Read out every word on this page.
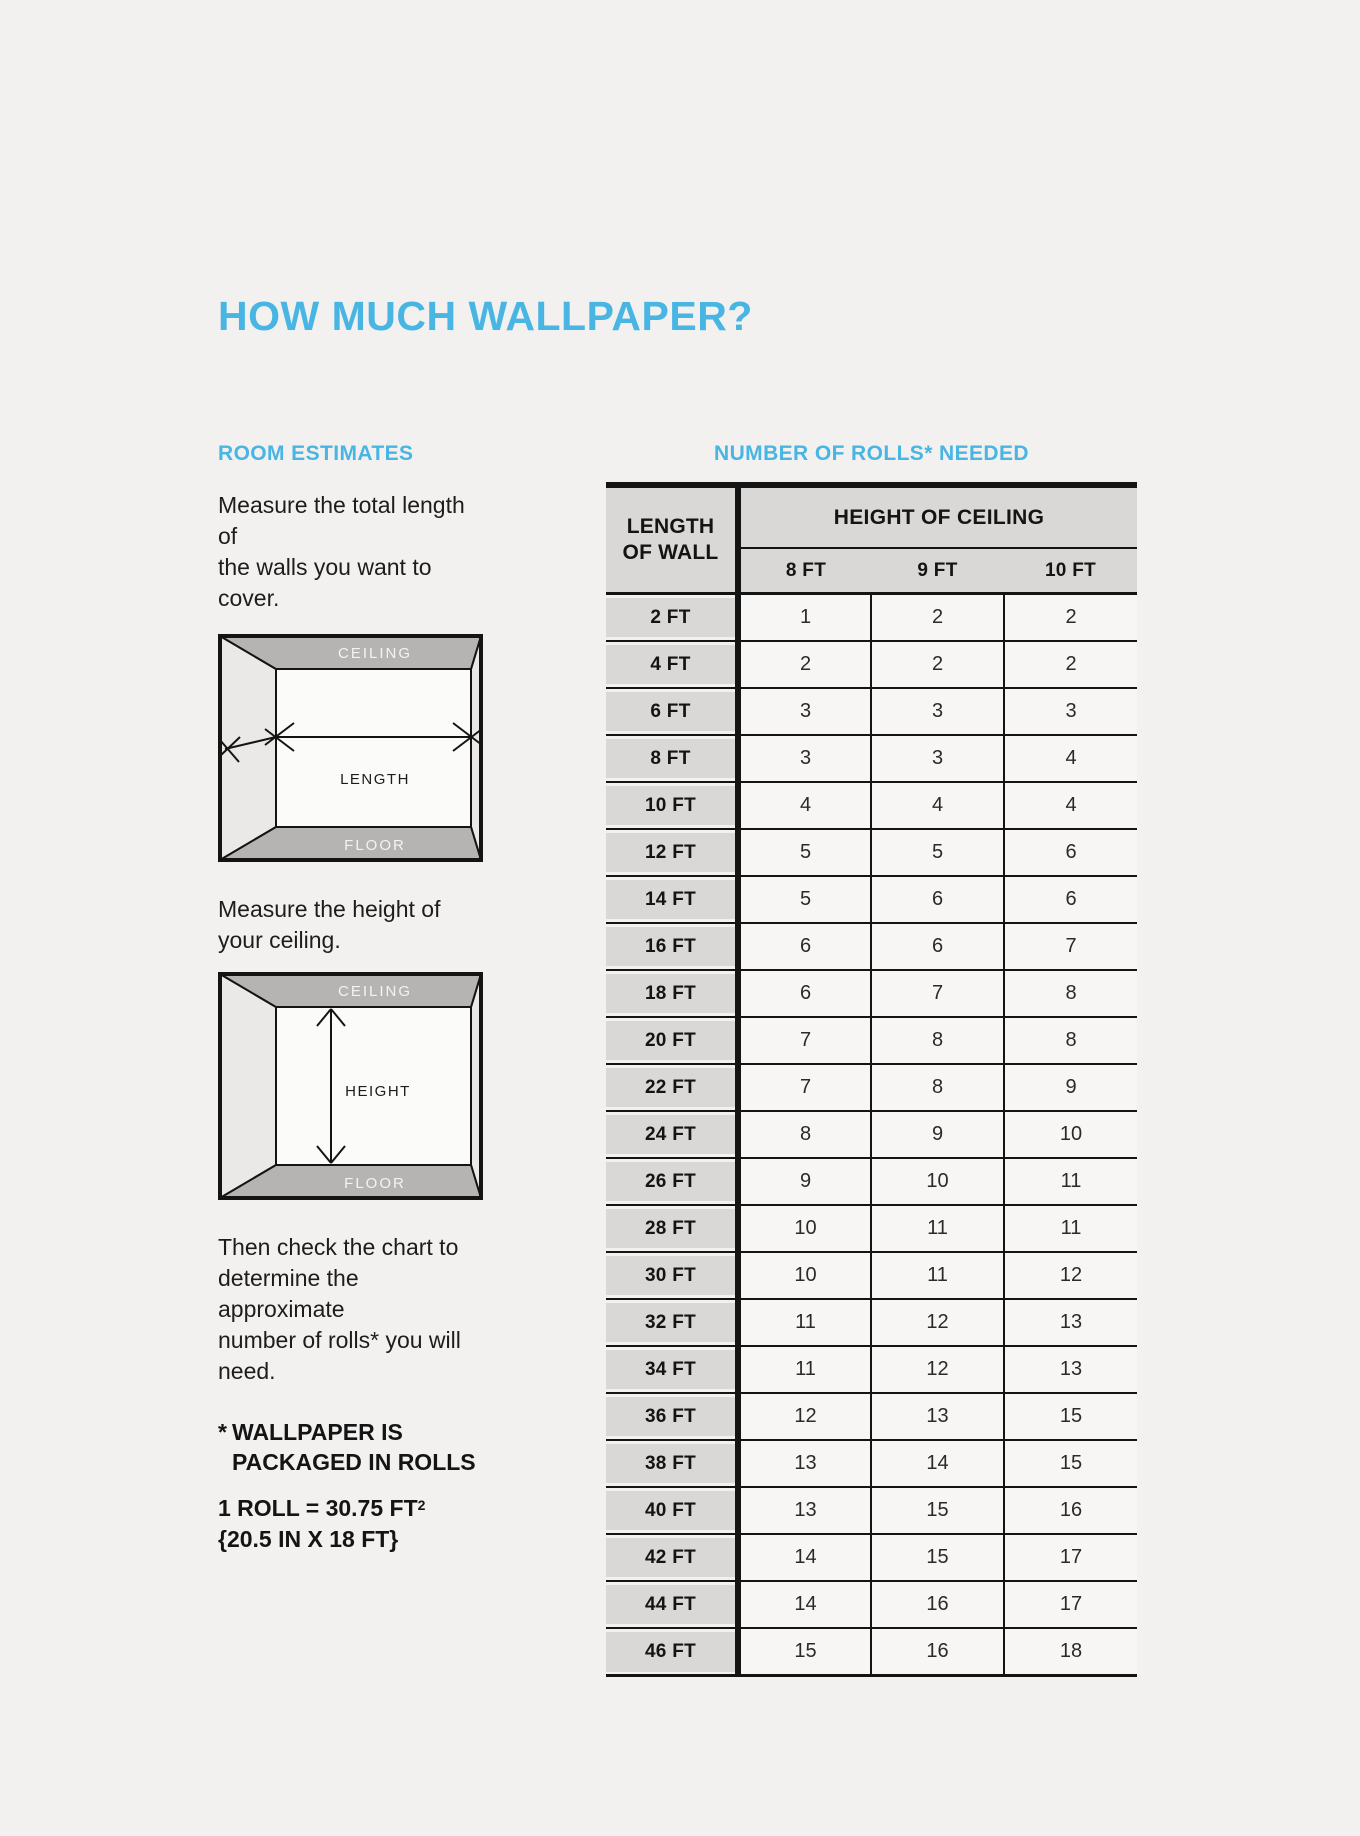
HOW MUCH WALLPAPER?
ROOM ESTIMATES

Measure the total length of
the walls you want to cover.

CEILING
LENGTH
FLOOR

Measure the height of
your ceiling.

CEILING
HEIGHT
FLOOR

Then check the chart to
determine the approximate
number of rolls* you will need.

* WALLPAPER IS
PACKAGED IN ROLLS

1 ROLL = 30.75 $FT^2$
{20.5 IN X 18 FT}

NUMBER OF ROLLS* NEEDED
LENGTH
OF WALL	HEIGHT OF CEILING		
	8 FT	9 FT	10 FT
2 FT	1	2	2
4 FT	2	2	2
6 FT	3	3	3
8 FT	3	3	4
10 FT	4	4	4
12 FT	5	5	6
14 FT	5	6	6
16 FT	6	6	7
18 FT	6	7	8
20 FT	7	8	8
22 FT	7	8	9
24 FT	8	9	10
26 FT	9	10	11
28 FT	10	11	11
30 FT	10	11	12
32 FT	11	12	13
34 FT	11	12	13
36 FT	12	13	15
38 FT	13	14	15
40 FT	13	15	16
42 FT	14	15	17
44 FT	14	16	17
46 FT	15	16	18
